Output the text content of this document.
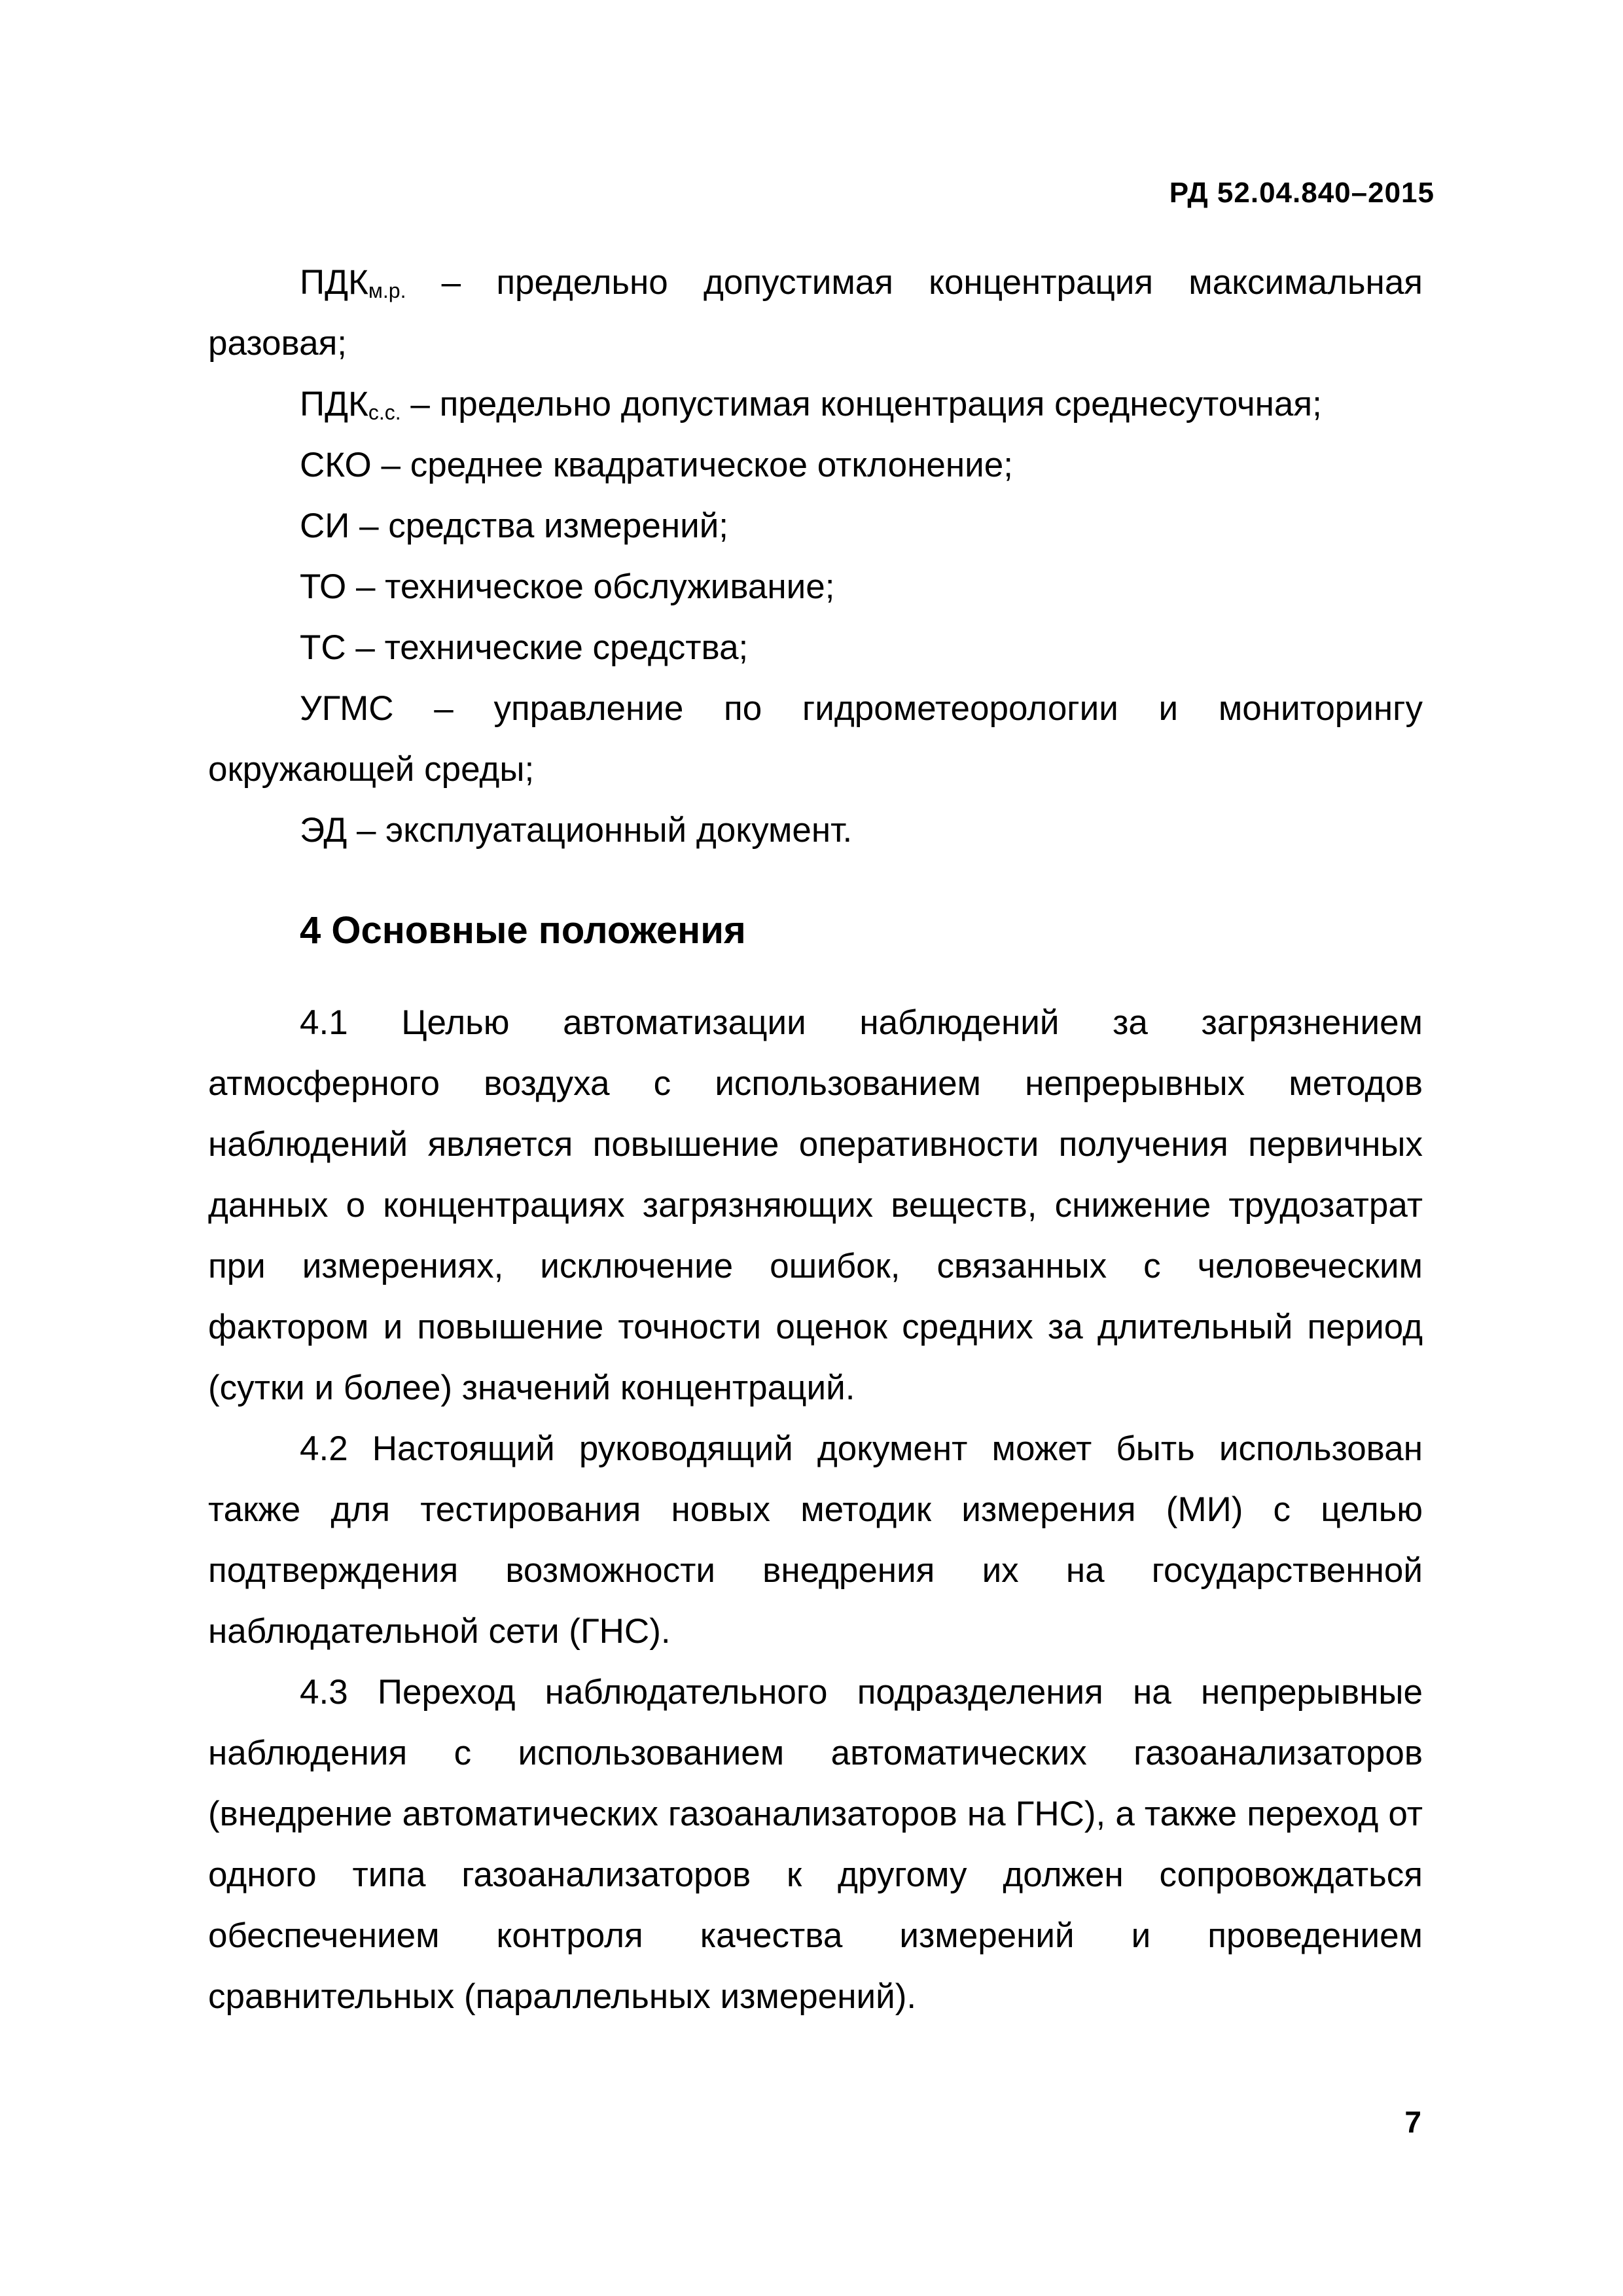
РД 52.04.840–2015

$ПДК_{м.р.}$ – предельно допустимая концентрация максимальная разовая;

$ПДК_{с.с.}$ – предельно допустимая концентрация среднесуточная;

СКО – среднее квадратическое отклонение;

СИ – средства измерений;

ТО – техническое обслуживание;

ТС – технические средства;

УГМС – управление по гидрометеорологии и мониторингу окружающей среды;

ЭД – эксплуатационный документ.

4 Основные положения

4.1 Целью автоматизации наблюдений за загрязнением атмосферного воздуха с использованием непрерывных методов наблюдений является повышение оперативности получения первичных данных о концентрациях загрязняющих веществ, снижение трудозатрат при измерениях, исключение ошибок, связанных с человеческим фактором и повышение точности оценок средних за длительный период (сутки и более) значений концентраций.

4.2 Настоящий руководящий документ может быть использован также для тестирования новых методик измерения (МИ) с целью подтверждения возможности внедрения их на государственной наблюдательной сети (ГНС).

4.3 Переход наблюдательного подразделения на непрерывные наблюдения с использованием автоматических газоанализаторов (внедрение автоматических газоанализаторов на ГНС), а также переход от одного типа газоанализаторов к другому должен сопровождаться обеспечением контроля качества измерений и проведением сравнительных (параллельных измерений).

7
